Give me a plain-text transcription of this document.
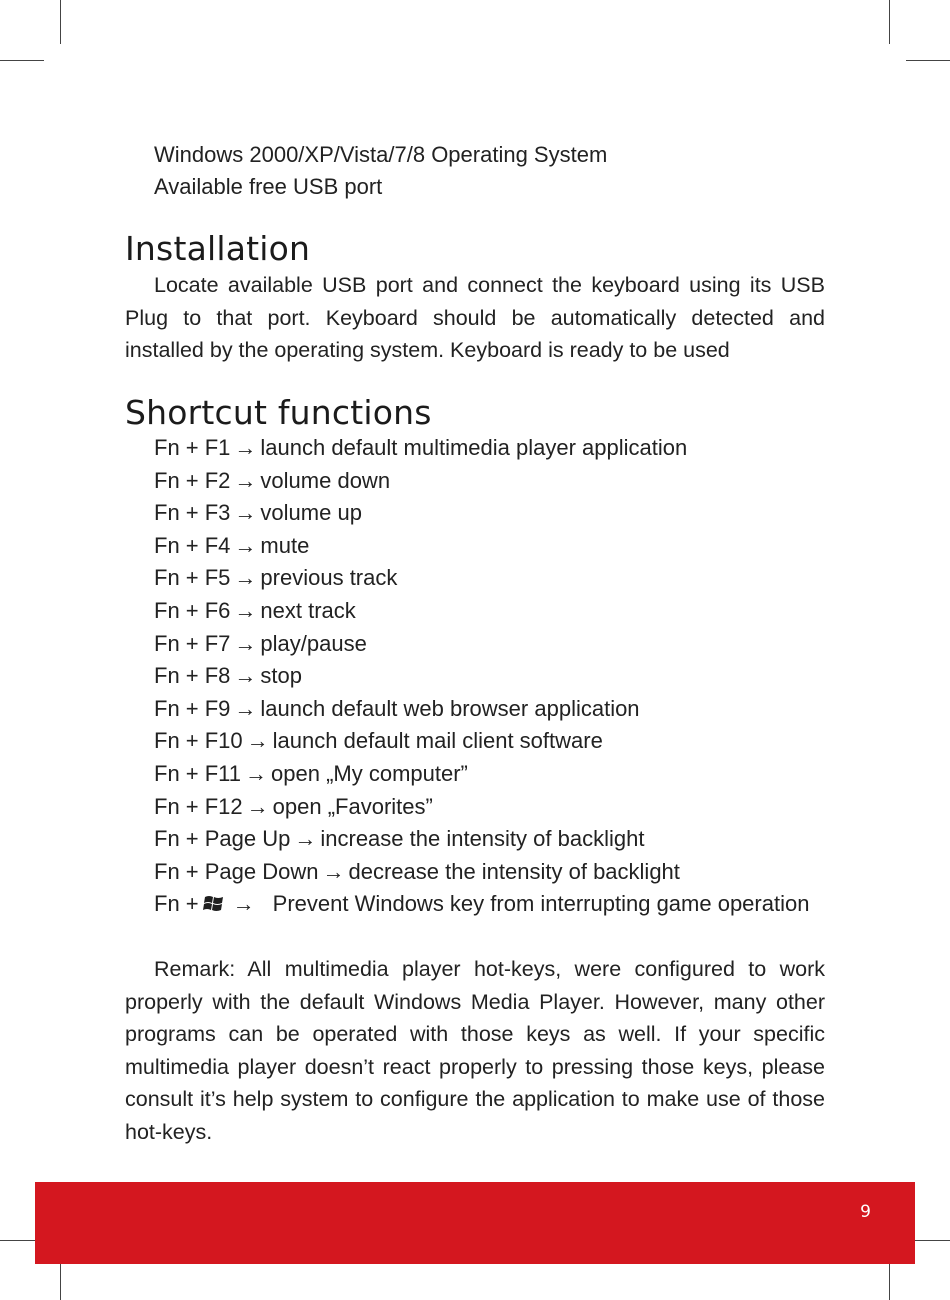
Windows 2000/XP/Vista/7/8 Operating System
Available free USB port
Installation

Locate available USB port and connect the keyboard using its USB Plug to that port. Keyboard should be automatically detected and installed by the operating system. Keyboard is ready to be used

Shortcut functions
Fn + F1 → launch default multimedia player application
Fn + F2 → volume down
Fn + F3 → volume up
Fn + F4 → mute
Fn + F5 → previous track
Fn + F6 → next track
Fn + F7 → play/pause
Fn + F8 → stop
Fn + F9 → launch default web browser application
Fn + F10 → launch default mail client software
Fn + F11 → open „My computer”
Fn + F12 → open „Favorites”
Fn + Page Up → increase the intensity of backlight
Fn + Page Down → decrease the intensity of backlight
Fn + → Prevent Windows key from interrupting game operation

Remark: All multimedia player hot-keys, were configured to work properly with the default Windows Media Player. However, many other programs can be operated with those keys as well. If your specific multimedia player doesn’t react properly to pressing those keys, please consult it’s help system to configure the application to make use of those hot-keys.

9
